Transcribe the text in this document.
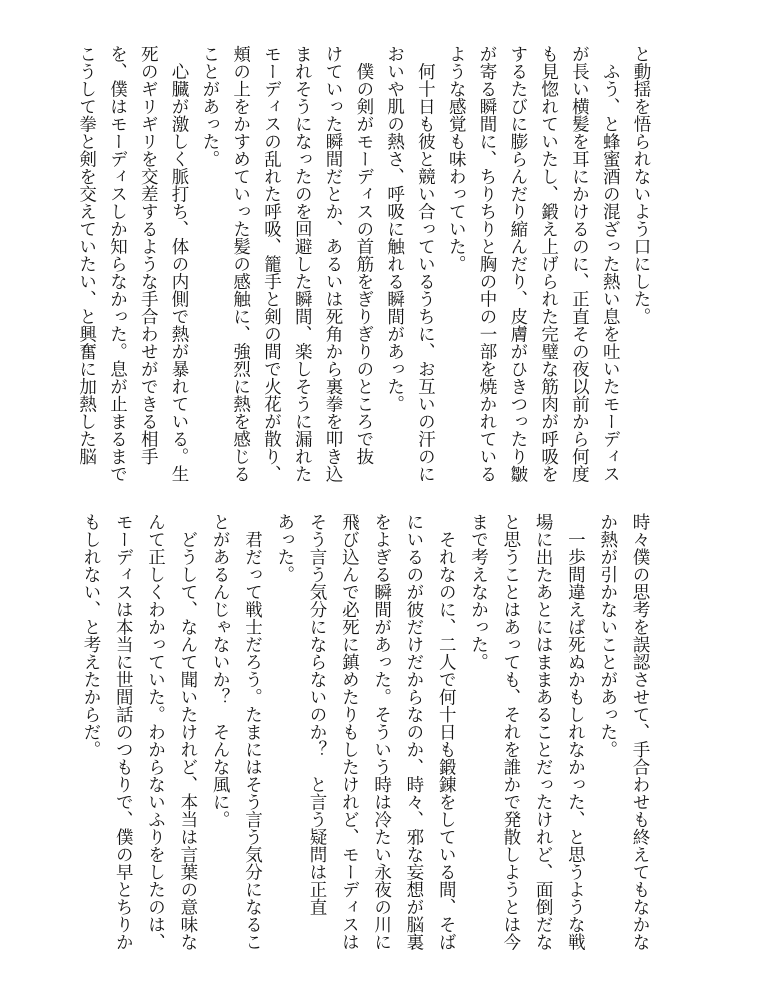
と動揺を悟られないよう口にした。
　ふう、と蜂蜜酒の混ざった熱い息を吐いたモーディス
が長い横髪を耳にかけるのに、正直その夜以前から何度
も見惚れていたし、鍛え上げられた完璧な筋肉が呼吸を
するたびに膨らんだり縮んだり、皮膚がひきつったり皺
が寄る瞬間に、ちりちりと胸の中の一部を焼かれている
ような感覚も味わっていた。
　何十日も彼と競い合っているうちに、お互いの汗のに
おいや肌の熱さ、呼吸に触れる瞬間があった。
　僕の剣がモーディスの首筋をぎりぎりのところで抜
けていった瞬間だとか、あるいは死角から裏拳を叩き込
まれそうになったのを回避した瞬間、楽しそうに漏れた
モーディスの乱れた呼吸、籠手と剣の間で火花が散り、
頬の上をかすめていった髪の感触に、強烈に熱を感じる
ことがあった。
　心臓が激しく脈打ち、体の内側で熱が暴れている。生
死のギリギリを交差するような手合わせができる相手
を、僕はモーディスしか知らなかった。息が止まるまで
こうして拳と剣を交えていたい、と興奮に加熱した脳
時々僕の思考を誤認させて、手合わせも終えてもなかな
か熱が引かないことがあった。
　一歩間違えば死ぬかもしれなかった、と思うような戦
場に出たあとにはままあることだったけれど、面倒だな
と思うことはあっても、それを誰かで発散しようとは今
まで考えなかった。
　それなのに、二人で何十日も鍛錬をしている間、そば
にいるのが彼だけだからなのか、時々、邪な妄想が脳裏
をよぎる瞬間があった。そういう時は冷たい永夜の川に
飛び込んで必死に鎮めたりもしたけれど、モーディスは
そう言う気分にならないのか？　と言う疑問は正直
あった。
　君だって戦士だろう。たまにはそう言う気分になるこ
とがあるんじゃないか？　そんな風に。
　どうして、なんて聞いたけれど、本当は言葉の意味な
んて正しくわかっていた。わからないふりをしたのは、
モーディスは本当に世間話のつもりで、僕の早とちりか
もしれない、と考えたからだ。
